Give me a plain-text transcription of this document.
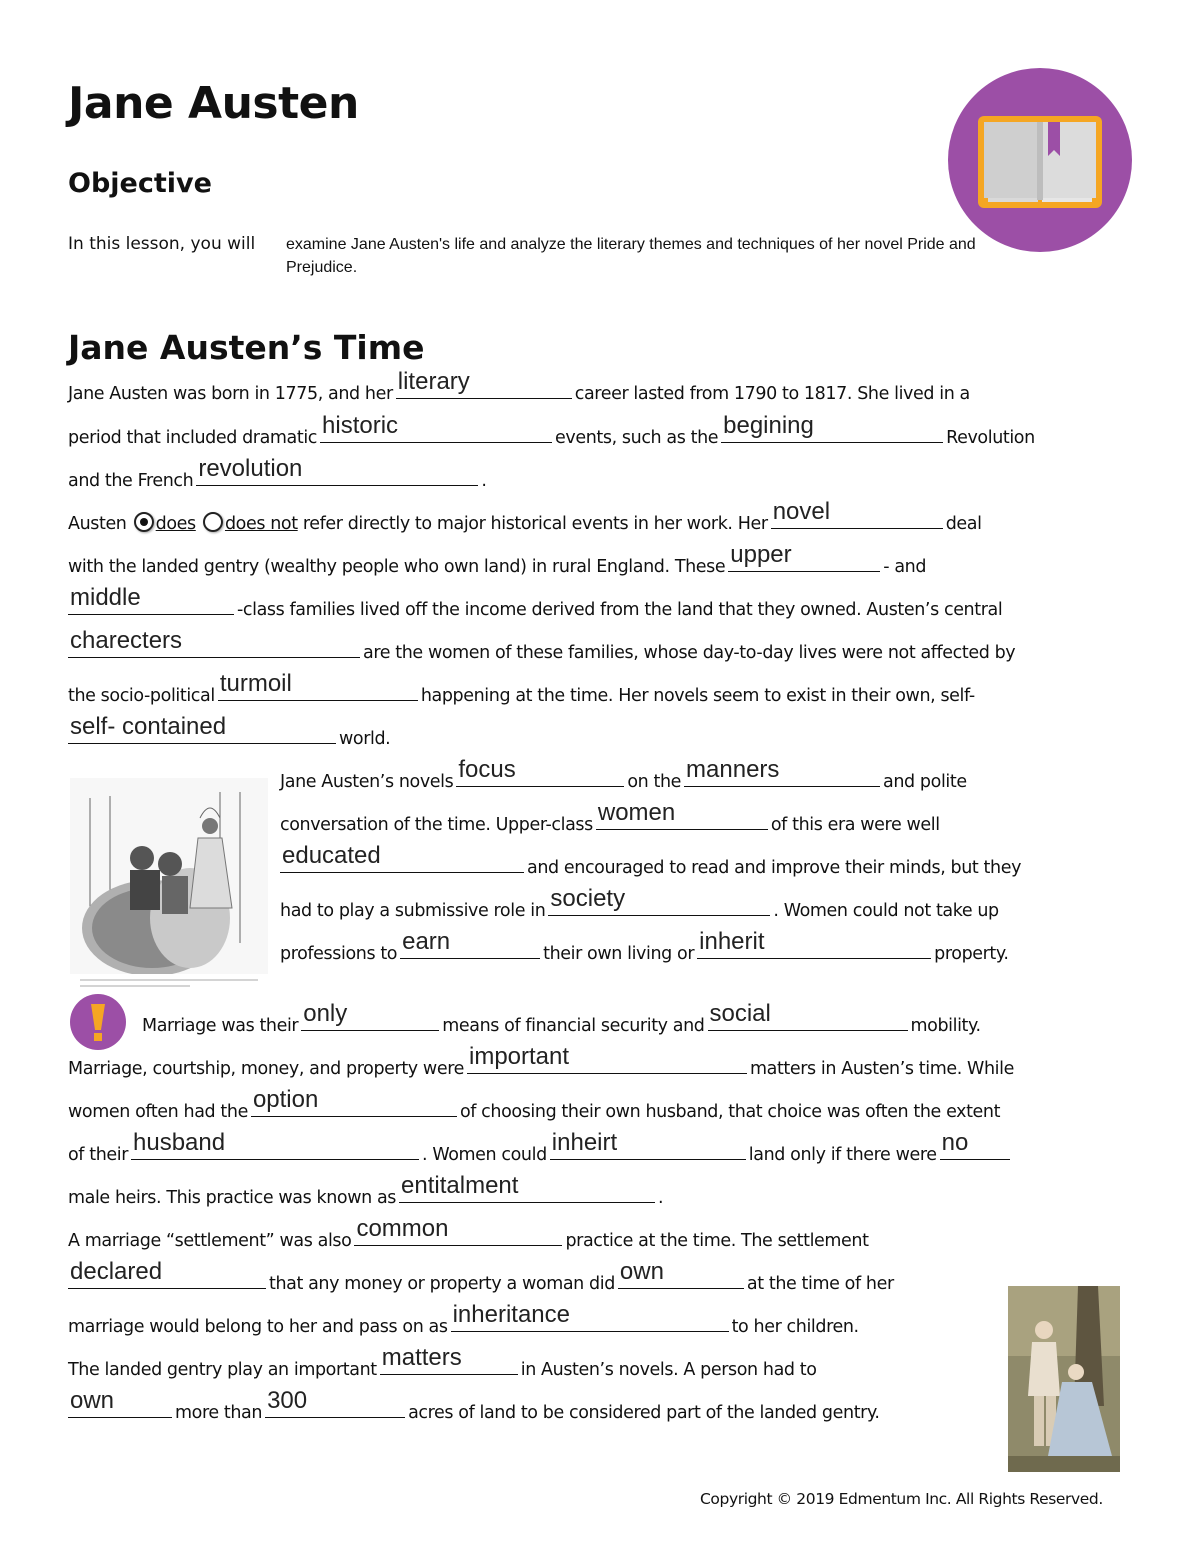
Jane Austen
Objective
In this lesson, you will examine Jane Austen's life and analyze the literary themes and techniques of her novel Pride and Prejudice.
Jane Austen’s Time
Jane Austen was born in 1775, and her literary	career lasted from 1790 to 1817. She lived in a
period that included dramatic historic	events, such as the begining	Revolution
and the French revolution	.
Austen does does not refer directly to major historical events in her work. Her novel	deal
with the landed gentry (wealthy people who own land) in rural England. These upper	- and
middle	-class families lived off the income derived from the land that they owned. Austen’s central
charecters	are the women of these families, whose day-to-day lives were not affected by
the socio-political turmoil	happening at the time. Her novels seem to exist in their own, self-
self- contained	world.
Jane Austen’s novels focus	on the manners	and polite
conversation of the time. Upper-class women	of this era were well
educated	and encouraged to read and improve their minds, but they
had to play a submissive role in society	. Women could not take up
professions to earn	their own living or inherit	property.
Marriage was their only	means of financial security and social	mobility.
Marriage, courtship, money, and property were important	matters in Austen’s time. While
women often had the option	of choosing their own husband, that choice was often the extent
of their husband	. Women could inheirt	land only if there were no
male heirs. This practice was known as entitalment	.
A marriage “settlement” was also common	practice at the time. The settlement
declared	that any money or property a woman did own	at the time of her
marriage would belong to her and pass on as inheritance	to her children.
The landed gentry play an important matters	in Austen’s novels. A person had to
own	more than 300	acres of land to be considered part of the landed gentry.
Copyright © 2019 Edmentum Inc. All Rights Reserved.
